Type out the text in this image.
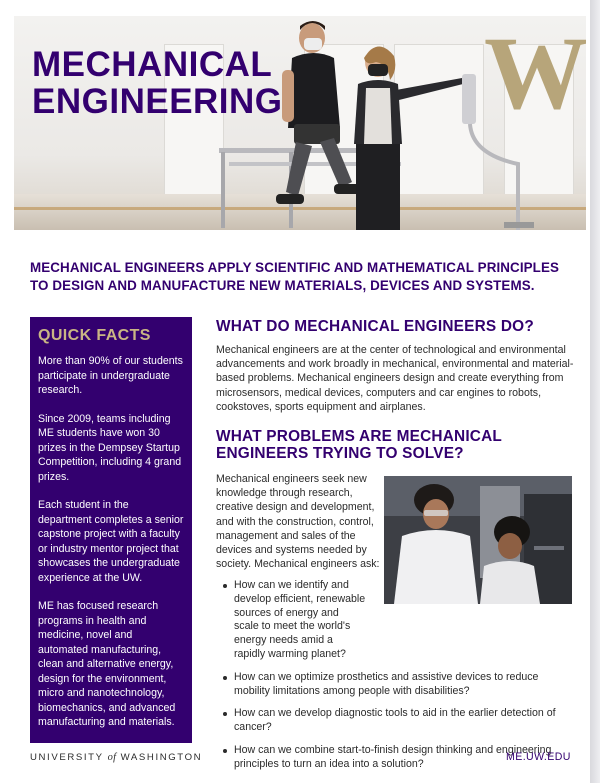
W
MECHANICAL
ENGINEERING
MECHANICAL ENGINEERS APPLY SCIENTIFIC AND MATHEMATICAL PRINCIPLES TO DESIGN AND MANUFACTURE NEW MATERIALS, DEVICES AND SYSTEMS.
QUICK FACTS

More than 90% of our students participate in undergraduate research.

Since 2009, teams including ME students have won 30 prizes in the Dempsey Startup Competition, including 4 grand prizes.

Each student in the department completes a senior capstone project with a faculty or industry mentor project that showcases the undergraduate experience at the UW.

ME has focused research programs in health and medicine, novel and automated manufacturing, clean and alternative energy, design for the environment, micro and nanotechnology, biomechanics, and advanced manufacturing and materials.

WHAT DO MECHANICAL ENGINEERS DO?

Mechanical engineers are at the center of technological and environmental advancements and work broadly in mechanical, environmental and material-based problems. Mechanical engineers design and create everything from microsensors, medical devices, computers and car engines to robots, cookstoves, sports equipment and airplanes.

WHAT PROBLEMS ARE MECHANICAL ENGINEERS TRYING TO SOLVE?

Mechanical engineers seek new knowledge through research, creative design and development, and with the construction, control, management and sales of the devices and systems needed by society. Mechanical engineers ask:

How can we identify and develop efficient, renewable sources of energy and scale to meet the world's energy needs amid a rapidly warming planet?
How can we optimize prosthetics and assistive devices to reduce mobility limitations among people with disabilities?
How can we develop diagnostic tools to aid in the earlier detection of cancer?
How can we combine start-to-finish design thinking and engineering principles to turn an idea into a solution?
UNIVERSITY of WASHINGTON	ME.UW.EDU
